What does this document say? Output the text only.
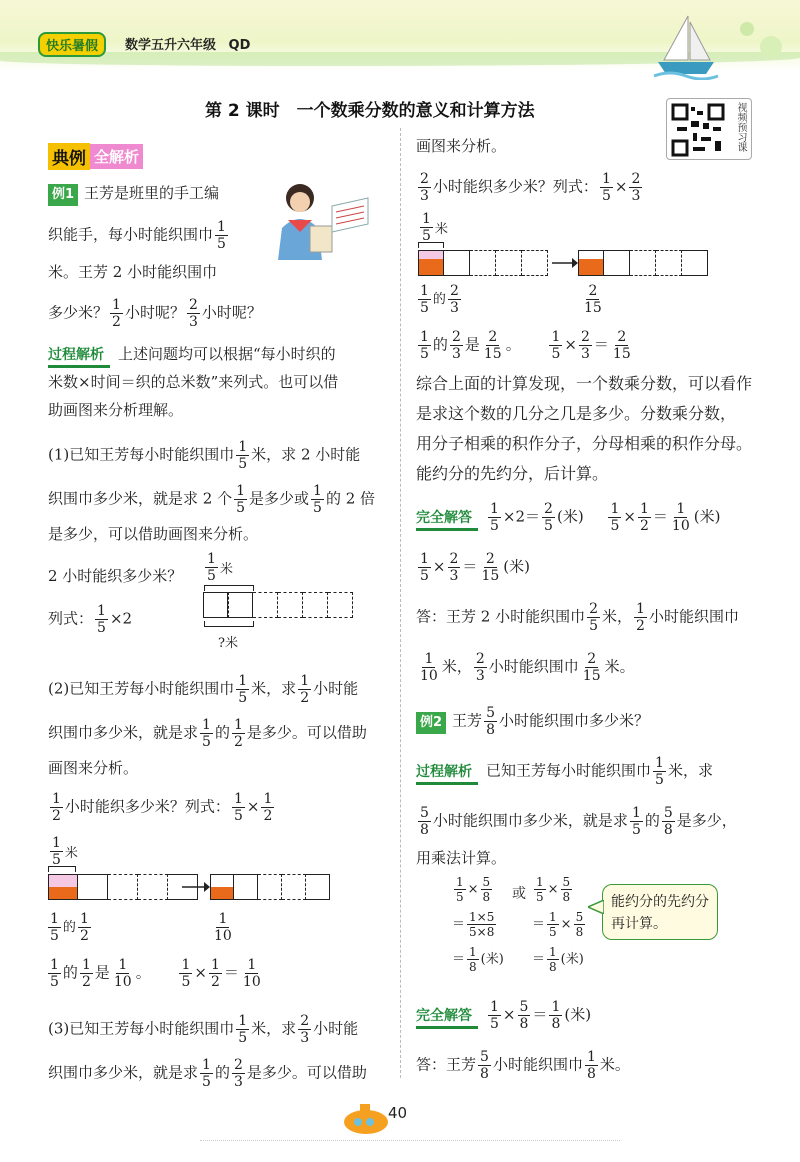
快乐暑假	数学五升六年级 QD
第 2 课时　一个数乘分数的意义和计算方法	视频预习课
典例 全解析
例1 王芳是班里的手工编
织能手，每小时能织围巾 $\frac{1}{5}$
米。王芳 2 小时能织围巾
多少米？ $\frac{1}{2}$ 小时呢？ $\frac{2}{3}$ 小时呢？
过程解析 上述问题均可以根据“每小时织的
米数×时间＝织的总米数”来列式。也可以借
助画图来分析理解。
(1)已知王芳每小时能织围巾 $\frac{1}{5}$ 米，求 2 小时能
织围巾多少米，就是求 2 个 $\frac{1}{5}$ 是多少或 $\frac{1}{5}$ 的 2 倍
是多少，可以借助画图来分析。
2 小时能织多少米？
列式： $\frac{1}{5} \times 2$
$\frac{1}{5}$ 米
?米
(2)已知王芳每小时能织围巾 $\frac{1}{5}$ 米，求 $\frac{1}{2}$ 小时能
织围巾多少米，就是求 $\frac{1}{5}$ 的 $\frac{1}{2}$ 是多少。可以借助
画图来分析。
$\frac{1}{2}$ 小时能织多少米？列式： $\frac{1}{5} \times \frac{1}{2}$
$\frac{1}{5}$ 米
$\frac{1}{5}$ 的 $\frac{1}{2}$	$\frac{1}{10}$
$\frac{1}{5}$ 的 $\frac{1}{2}$ 是 $\frac{1}{10}$ 。 $\frac{1}{5} \times \frac{1}{2} = \frac{1}{10}$
(3)已知王芳每小时能织围巾 $\frac{1}{5}$ 米，求 $\frac{2}{3}$ 小时能
织围巾多少米，就是求 $\frac{1}{5}$ 的 $\frac{2}{3}$ 是多少。可以借助
画图来分析。
$\frac{2}{3}$ 小时能织多少米？列式： $\frac{1}{5} \times \frac{2}{3}$
$\frac{1}{5}$ 米
$\frac{1}{5}$ 的 $\frac{2}{3}$	$\frac{2}{15}$
$\frac{1}{5}$ 的 $\frac{2}{3}$ 是 $\frac{2}{15}$ 。 $\frac{1}{5} \times \frac{2}{3} = \frac{2}{15}$
综合上面的计算发现，一个数乘分数，可以看作
是求这个数的几分之几是多少。分数乘分数，
用分子相乘的积作分子，分母相乘的积作分母。
能约分的先约分，后计算。
完全解答 $\frac{1}{5} \times 2= \frac{2}{5}$ (米) $\frac{1}{5} \times \frac{1}{2} = \frac{1}{10}$ (米)
$\frac{1}{5} \times \frac{2}{3} = \frac{2}{15}$ (米)
答：王芳 2 小时能织围巾 $\frac{2}{5}$ 米， $\frac{1}{2}$ 小时能织围巾
$\frac{1}{10}$ 米， $\frac{2}{3}$ 小时能织围巾 $\frac{2}{15}$ 米。
例2 王芳 $\frac{5}{8}$ 小时能织围巾多少米？
过程解析 已知王芳每小时能织围巾 $\frac{1}{5}$ 米，求
$\frac{5}{8}$ 小时能织围巾多少米，就是求 $\frac{1}{5}$ 的 $\frac{5}{8}$ 是多少，
用乘法计算。
$\frac{1}{5} \times \frac{5}{8}$
＝ $\frac{1\times 5}{5\times 8}$
＝ $\frac{1}{8}$ (米)
或 $\frac{1}{5} \times \frac{5}{8}$
＝ $\frac{1}{5} \times \frac{5}{8}$
＝ $\frac{1}{8}$ (米)
能约分的先约分再计算。
完全解答 $\frac{1}{5} \times \frac{5}{8} = \frac{1}{8}$ (米)
答：王芳 $\frac{5}{8}$ 小时能织围巾 $\frac{1}{8}$ 米。
40
